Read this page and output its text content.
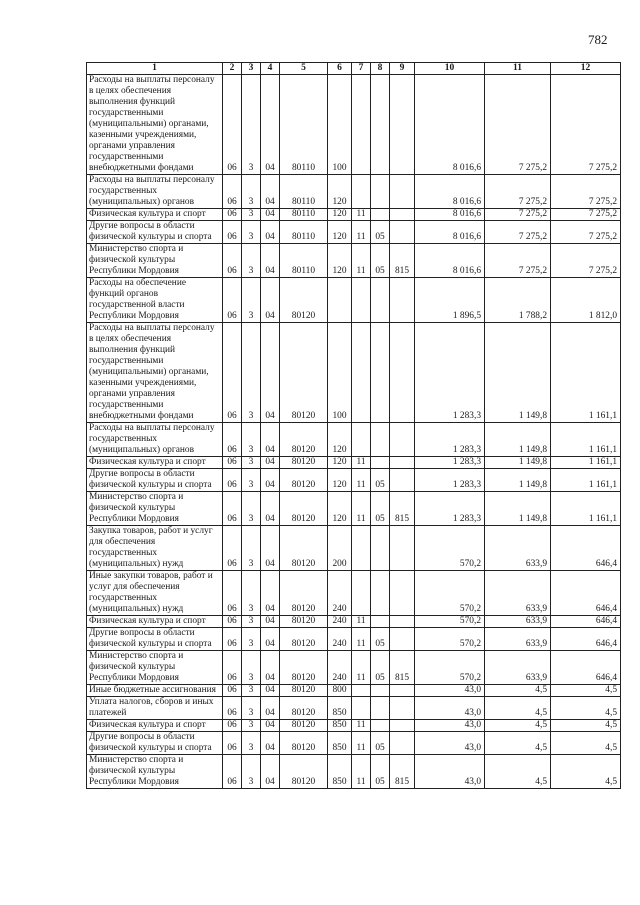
782
1	2	3	4	5	6	7	8	9	10	11	12
Расходы на выплаты персоналу в целях обеспечения выполнения функций государственными (муниципальными) органами, казенными учреждениями, органами управления государственными внебюджетными фондами	06	3	04	80110	100				8 016,6	7 275,2	7 275,2
Расходы на выплаты персоналу государственных (муниципальных) органов	06	3	04	80110	120				8 016,6	7 275,2	7 275,2
Физическая культура и спорт	06	3	04	80110	120	11			8 016,6	7 275,2	7 275,2
Другие вопросы в области физической культуры и спорта	06	3	04	80110	120	11	05		8 016,6	7 275,2	7 275,2
Министерство спорта и физической культуры Республики Мордовия	06	3	04	80110	120	11	05	815	8 016,6	7 275,2	7 275,2
Расходы на обеспечение функций органов государственной власти Республики Мордовия	06	3	04	80120					1 896,5	1 788,2	1 812,0
Расходы на выплаты персоналу в целях обеспечения выполнения функций государственными (муниципальными) органами, казенными учреждениями, органами управления государственными внебюджетными фондами	06	3	04	80120	100				1 283,3	1 149,8	1 161,1
Расходы на выплаты персоналу государственных (муниципальных) органов	06	3	04	80120	120				1 283,3	1 149,8	1 161,1
Физическая культура и спорт	06	3	04	80120	120	11			1 283,3	1 149,8	1 161,1
Другие вопросы в области физической культуры и спорта	06	3	04	80120	120	11	05		1 283,3	1 149,8	1 161,1
Министерство спорта и физической культуры Республики Мордовия	06	3	04	80120	120	11	05	815	1 283,3	1 149,8	1 161,1
Закупка товаров, работ и услуг для обеспечения государственных (муниципальных) нужд	06	3	04	80120	200				570,2	633,9	646,4
Иные закупки товаров, работ и услуг для обеспечения государственных (муниципальных) нужд	06	3	04	80120	240				570,2	633,9	646,4
Физическая культура и спорт	06	3	04	80120	240	11			570,2	633,9	646,4
Другие вопросы в области физической культуры и спорта	06	3	04	80120	240	11	05		570,2	633,9	646,4
Министерство спорта и физической культуры Республики Мордовия	06	3	04	80120	240	11	05	815	570,2	633,9	646,4
Иные бюджетные ассигнования	06	3	04	80120	800				43,0	4,5	4,5
Уплата налогов, сборов и иных платежей	06	3	04	80120	850				43,0	4,5	4,5
Физическая культура и спорт	06	3	04	80120	850	11			43,0	4,5	4,5
Другие вопросы в области физической культуры и спорта	06	3	04	80120	850	11	05		43,0	4,5	4,5
Министерство спорта и физической культуры Республики Мордовия	06	3	04	80120	850	11	05	815	43,0	4,5	4,5
